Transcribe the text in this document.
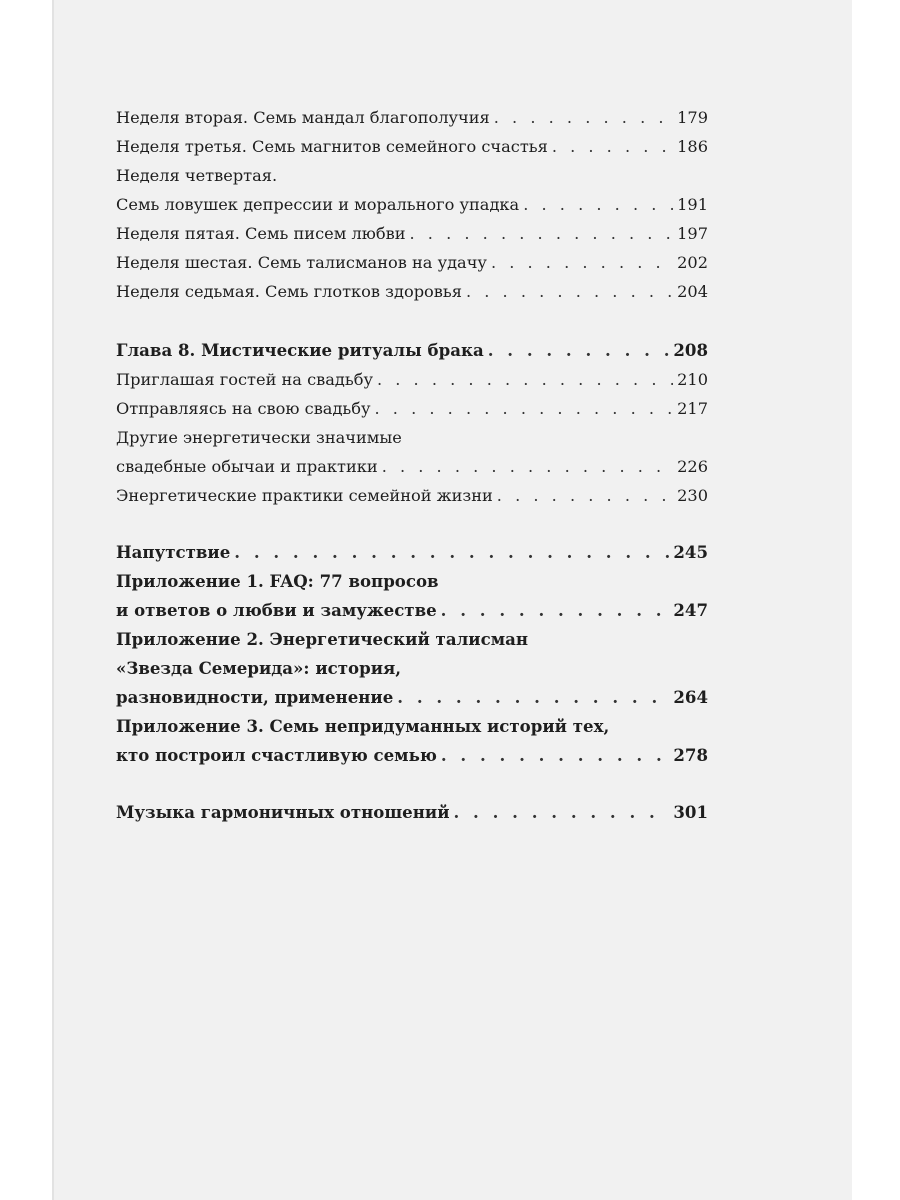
Неделя вторая. Семь мандал благополучия . . .	179
Неделя третья. Семь магнитов семейного счастья . . .	186
Неделя четвертая.
Семь ловушек депрессии и морального упадка . . .	191
Неделя пятая. Семь писем любви . . .	197
Неделя шестая. Семь талисманов на удачу . . .	202
Неделя седьмая. Семь глотков здоровья . . .	204
Глава 8. Мистические ритуалы брака . . .	208
Приглашая гостей на свадьбу . . .	210
Отправляясь на свою свадьбу . . .	217
Другие энергетически значимые
свадебные обычаи и практики . . .	226
Энергетические практики семейной жизни . . .	230
Напутствие . . .	245
Приложение 1. FAQ: 77 вопросов
и ответов о любви и замужестве . . .	247
Приложение 2. Энергетический талисман
«Звезда Семерида»: история,
разновидности, применение . . .	264
Приложение 3. Семь непридуманных историй тех,
кто построил счастливую семью . . .	278
Музыка гармоничных отношений . . .	301
